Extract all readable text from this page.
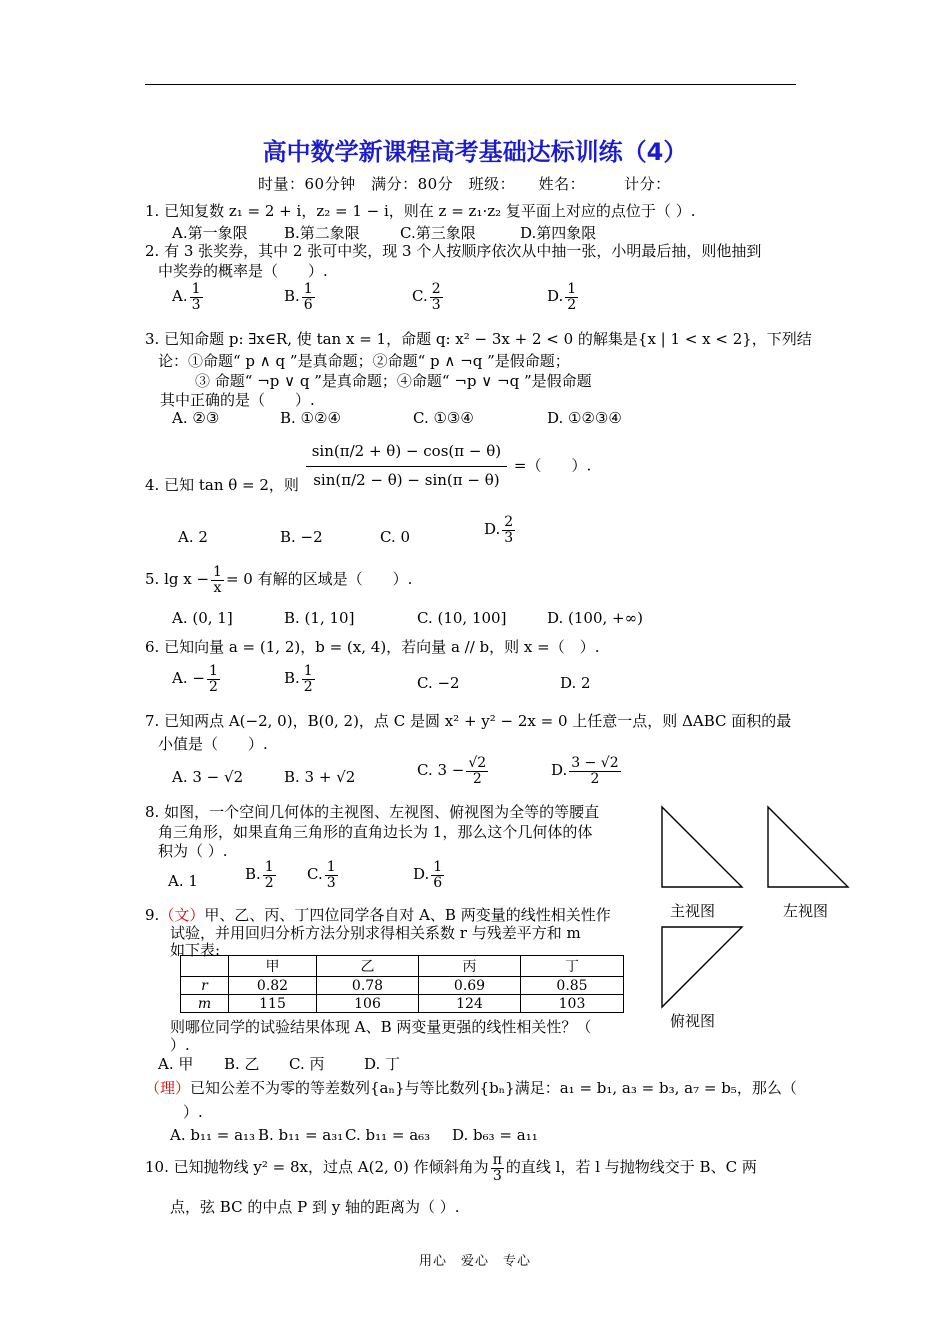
高中数学新课程高考基础达标训练（4）
时量：60分钟　满分：80分　班级：　　姓名：　　　计分：
1. 已知复数 z₁ = 2 + i，z₂ = 1 − i，则在 z = z₁·z₂ 复平面上对应的点位于（ ）.
A.第一象限 B.第二象限	C.第三象限	D.第四象限
2. 有 3 张奖券，其中 2 张可中奖，现 3 个人按顺序依次从中抽一张，小明最后抽，则他抽到
中奖券的概率是（　　）.
A. $\frac{1}{3}$	B. $\frac{1}{6}$	C. $\frac{2}{3}$	D. $\frac{1}{2}$
3. 已知命题 p: ∃x∈R, 使 tan x = 1，命题 q: x² − 3x + 2 < 0 的解集是{x | 1 < x < 2}，下列结
论：①命题“ p ∧ q ”是真命题；②命题“ p ∧ ¬q ”是假命题；
③ 命题“ ¬p ∨ q ”是真命题；④命题“ ¬p ∨ ¬q ”是假命题
其中正确的是（　　）.
A. ②③	B. ①②④	C. ①③④	D. ①②③④
4. 已知 tan θ = 2，则 $\frac{\sin(\pi/2 + \theta) - \cos(\pi - \theta)}{\sin(\pi/2 - \theta) - \sin(\pi - \theta)}$ =（　　）.
A. 2	B. −2	C. 0	D. $\frac{2}{3}$
5. $\lg x - \frac{1}{x} = 0$ 有解的区域是（　　）.
A. (0, 1]	B. (1, 10]	C. (10, 100]	D. (100, +∞)
6. 已知向量 a = (1, 2)，b = (x, 4)，若向量 a // b，则 x =（　）.
A. − $\frac{1}{2}$	B. $\frac{1}{2}$	C. −2	D. 2
7. 已知两点 A(−2, 0)，B(0, 2)，点 C 是圆 x² + y² − 2x = 0 上任意一点，则 ΔABC 面积的最
小值是（　　）.
A. 3 − √2	B. 3 + √2	C. $3 - \frac{√2}{2}$	D. $\frac{3 - √2}{2}$
8. 如图，一个空间几何体的主视图、左视图、俯视图为全等的等腰直
角三角形，如果直角三角形的直角边长为 1，那么这个几何体的体
积为（ ）.
A. 1	B. $\frac{1}{2} C$. $\frac{1}{3}$	D. $\frac{1}{6}$
主视图	左视图
俯视图
9.（文）甲、乙、丙、丁四位同学各自对 A、B 两变量的线性相关性作
试验，并用回归分析方法分别求得相关系数 r 与残差平方和 m
如下表:
	甲	乙	丙	丁
r	0.82	0.78	0.69	0.85
m	115	106	124	103
则哪位同学的试验结果体现 A、B 两变量更强的线性相关性？（
）.
A. 甲 B. 乙 C. 丙	D. 丁
（理）已知公差不为零的等差数列{aₙ}与等比数列{bₙ}满足：a₁ = b₁, a₃ = b₃, a₇ = b₅，那么（
）.
A. b₁₁ = a₁₃ B. b₁₁ = a₃₁ C. b₁₁ = a₆₃ D. b₆₃ = a₁₁
10. 已知抛物线 y² = 8x，过点 A(2, 0) 作倾斜角为 $\frac{\pi}{3}$ 的直线 l，若 l 与抛物线交于 B、C 两
点，弦 BC 的中点 P 到 y 轴的距离为（ ）.
用心　爱心　专心
